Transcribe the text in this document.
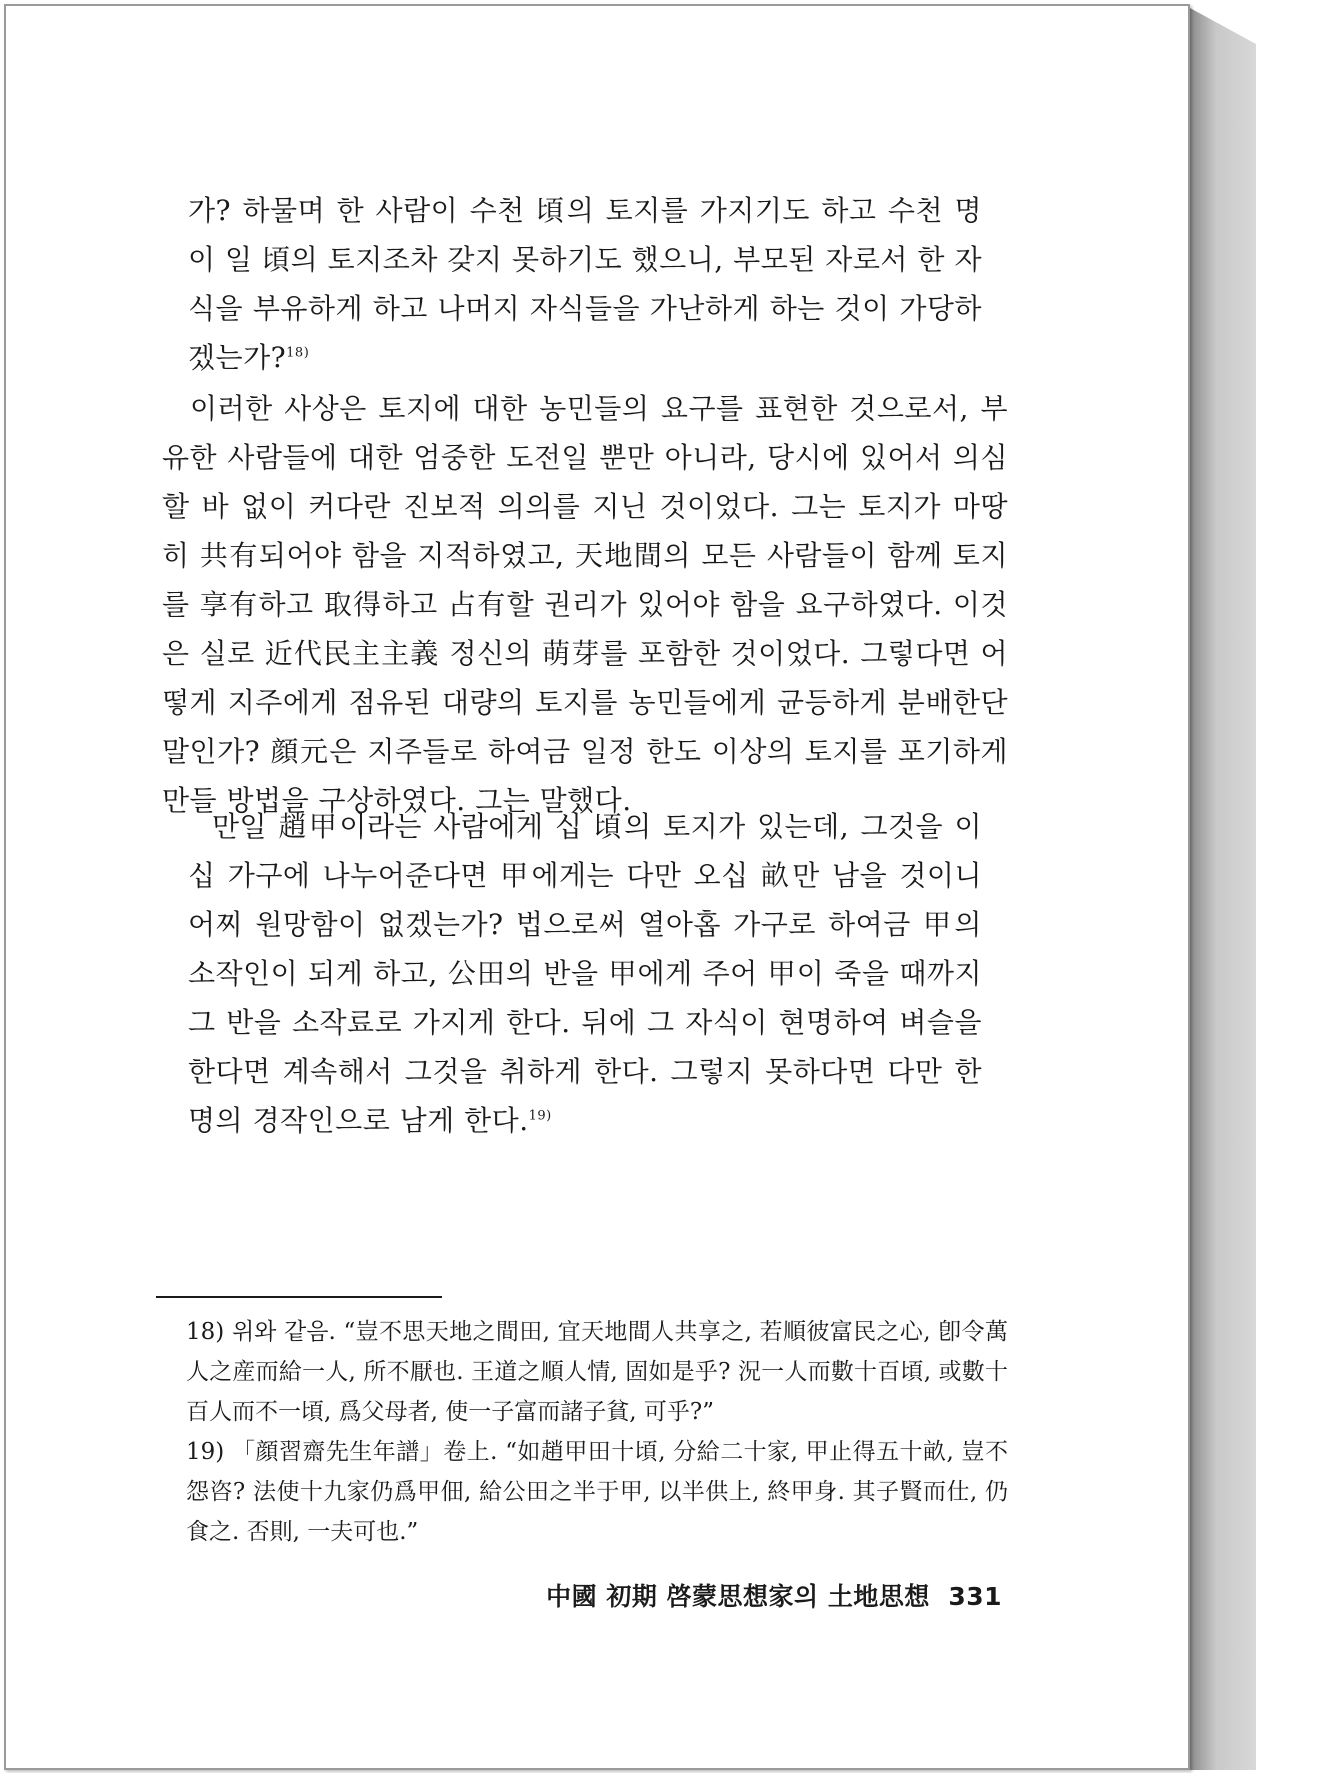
가? 하물며 한 사람이 수천 頃의 토지를 가지기도 하고 수천 명이 일 頃의 토지조차 갖지 못하기도 했으니, 부모된 자로서 한 자식을 부유하게 하고 나머지 자식들을 가난하게 하는 것이 가당하겠는가?$^{18)}$

이러한 사상은 토지에 대한 농민들의 요구를 표현한 것으로서, 부유한 사람들에 대한 엄중한 도전일 뿐만 아니라, 당시에 있어서 의심할 바 없이 커다란 진보적 의의를 지닌 것이었다. 그는 토지가 마땅히 共有되어야 함을 지적하였고, 天地間의 모든 사람들이 함께 토지를 享有하고 取得하고 占有할 권리가 있어야 함을 요구하였다. 이것은 실로 近代民主主義 정신의 萌芽를 포함한 것이었다. 그렇다면 어떻게 지주에게 점유된 대량의 토지를 농민들에게 균등하게 분배한단 말인가? 顔元은 지주들로 하여금 일정 한도 이상의 토지를 포기하게 만들 방법을 구상하였다. 그는 말했다.

만일 趙甲이라는 사람에게 십 頃의 토지가 있는데, 그것을 이십 가구에 나누어준다면 甲에게는 다만 오십 畝만 남을 것이니 어찌 원망함이 없겠는가? 법으로써 열아홉 가구로 하여금 甲의 소작인이 되게 하고, 公田의 반을 甲에게 주어 甲이 죽을 때까지 그 반을 소작료로 가지게 한다. 뒤에 그 자식이 현명하여 벼슬을 한다면 계속해서 그것을 취하게 한다. 그렇지 못하다면 다만 한 명의 경작인으로 남게 한다.$^{19)}$

18) 위와 같음. “豈不思天地之間田, 宜天地間人共享之, 若順彼富民之心, 卽令萬人之産而給一人, 所不厭也. 王道之順人情, 固如是乎? 況一人而數十百頃, 或數十百人而不一頃, 爲父母者, 使一子富而諸子貧, 可乎?”

19) 「顔習齋先生年譜」卷上. “如趙甲田十頃, 分給二十家, 甲止得五十畝, 豈不怨咨? 法使十九家仍爲甲佃, 給公田之半于甲, 以半供上, 終甲身. 其子賢而仕, 仍食之. 否則, 一夫可也.”

中國 初期 啓蒙思想家의 土地思想 331
